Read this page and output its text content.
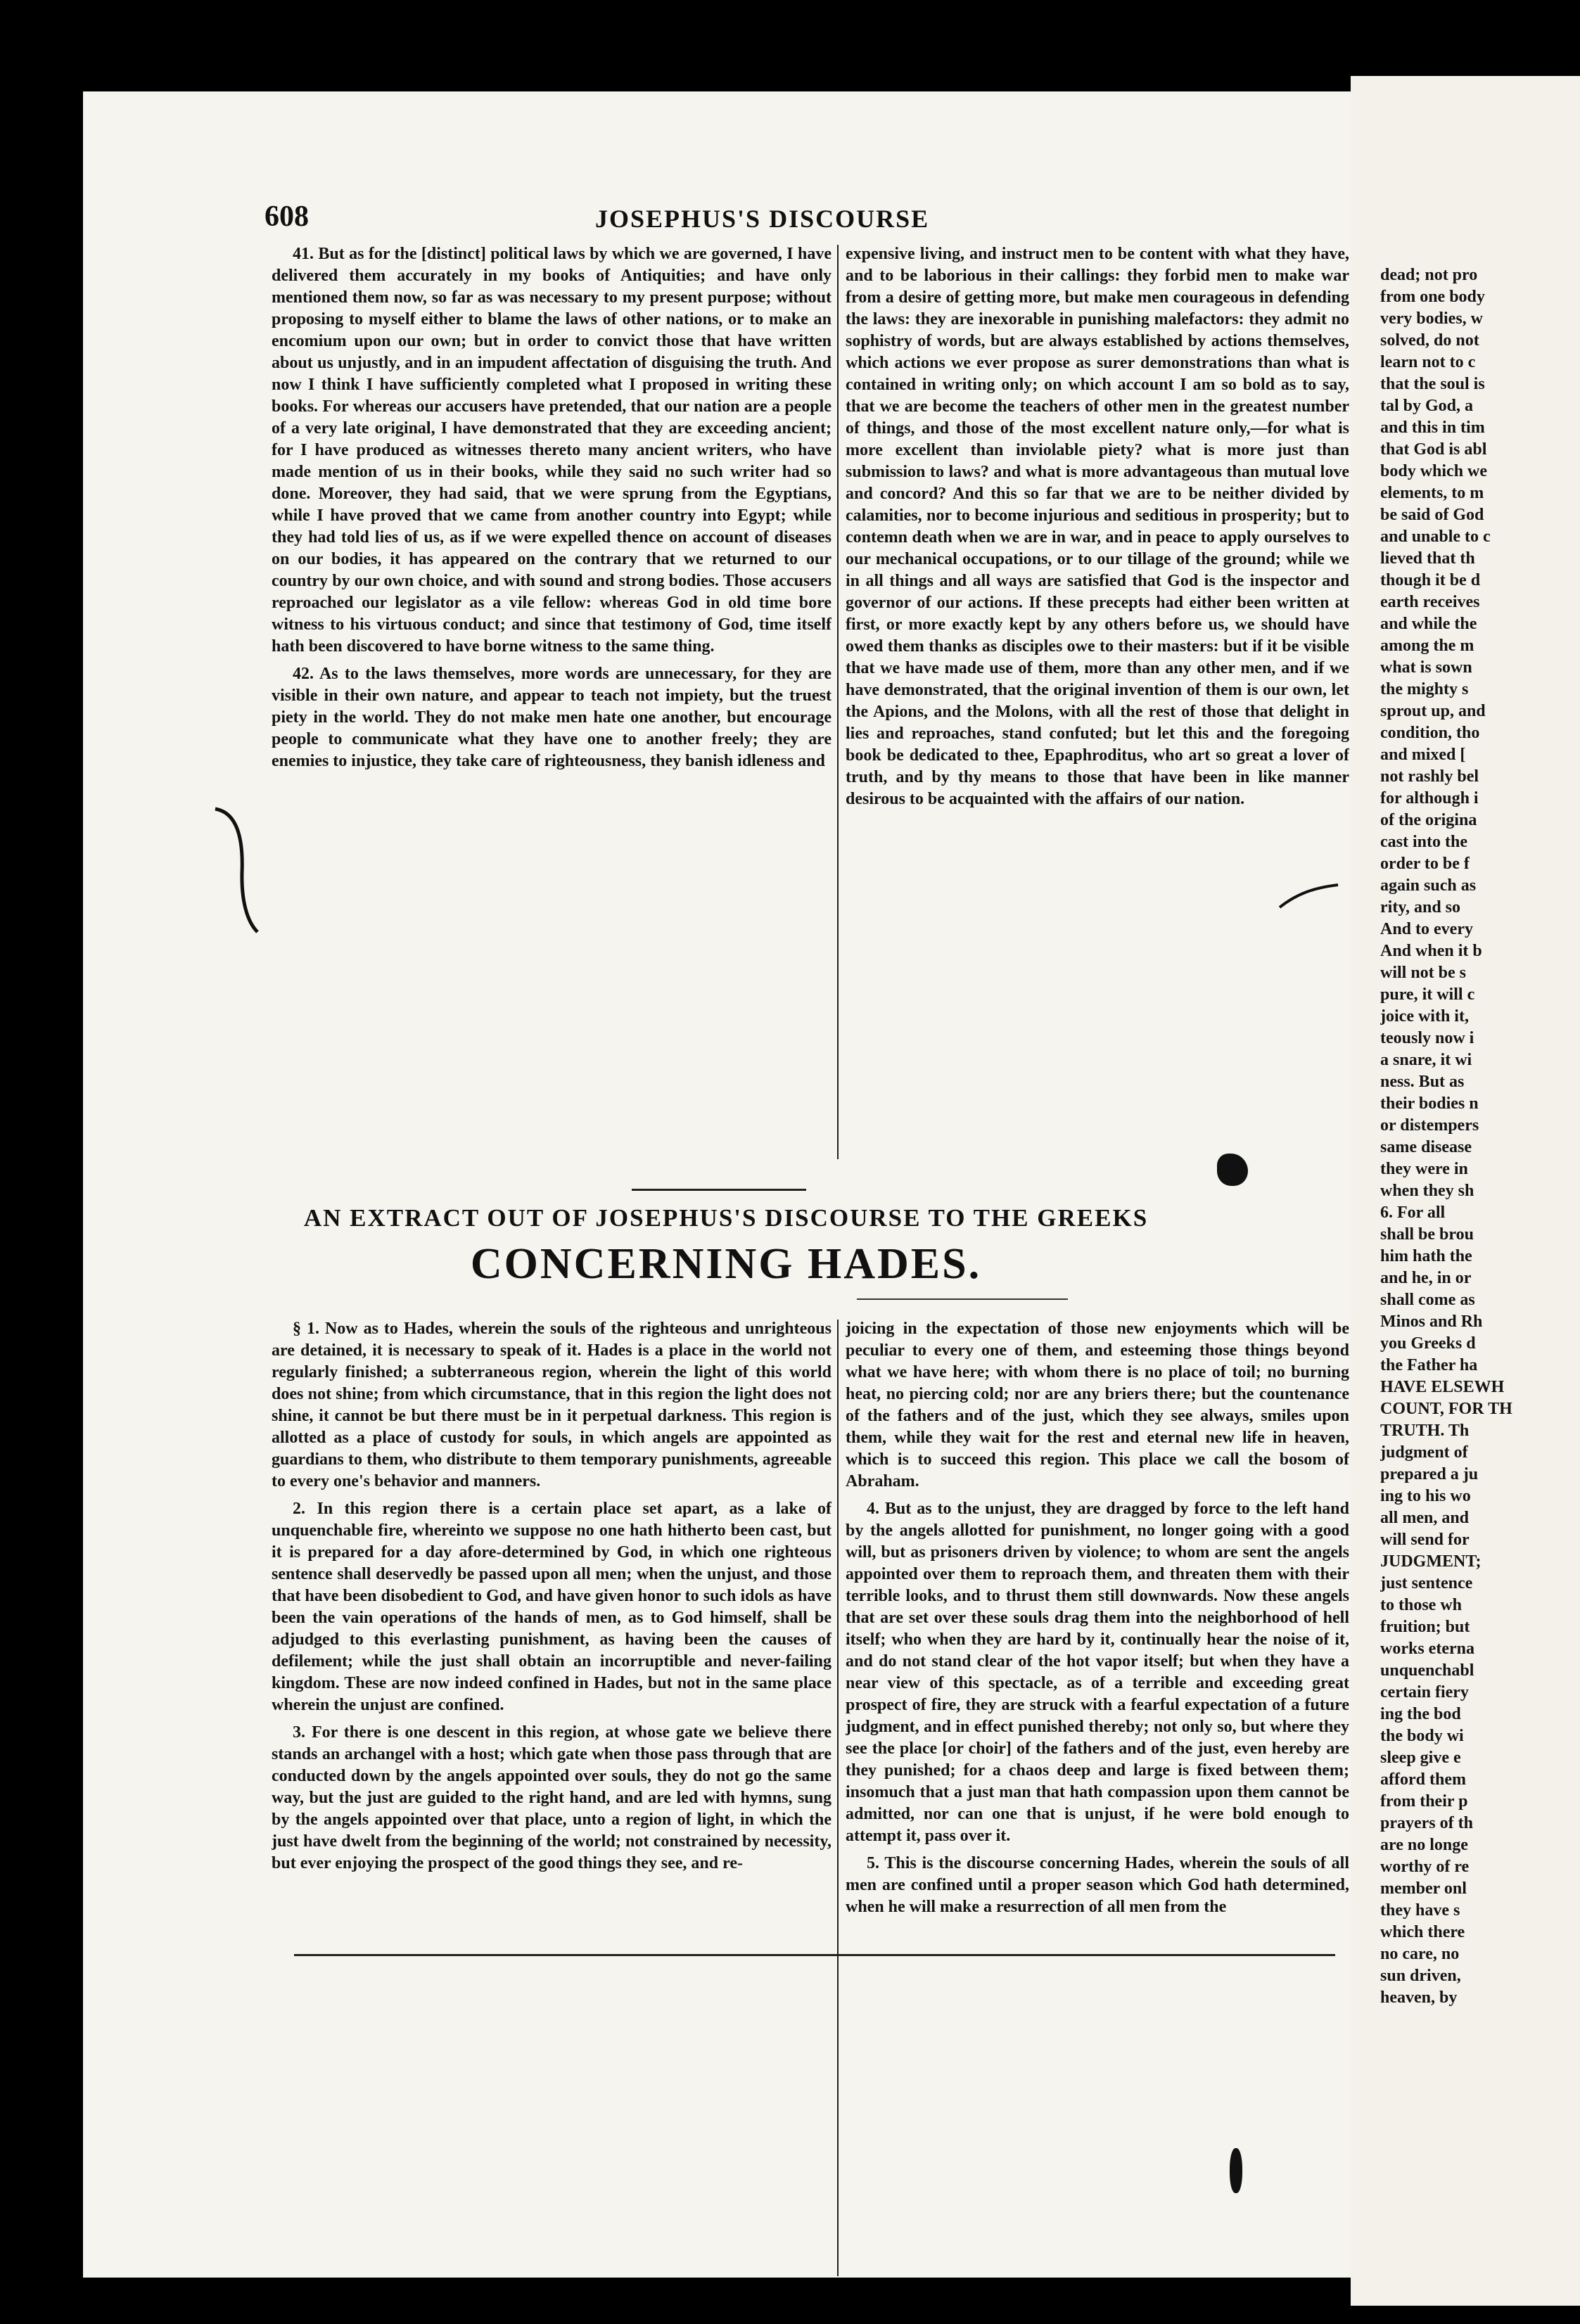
608	JOSEPHUS'S DISCOURSE

41. But as for the [distinct] political laws by which we are governed, I have delivered them accurately in my books of Antiquities; and have only mentioned them now, so far as was necessary to my present purpose; without proposing to myself either to blame the laws of other nations, or to make an encomium upon our own; but in order to convict those that have written about us unjustly, and in an impudent affectation of disguising the truth. And now I think I have sufficiently completed what I proposed in writing these books. For whereas our accusers have pretended, that our nation are a people of a very late original, I have demonstrated that they are exceeding ancient; for I have produced as witnesses thereto many ancient writers, who have made mention of us in their books, while they said no such writer had so done. Moreover, they had said, that we were sprung from the Egyptians, while I have proved that we came from another country into Egypt; while they had told lies of us, as if we were expelled thence on account of diseases on our bodies, it has appeared on the contrary that we returned to our country by our own choice, and with sound and strong bodies. Those accusers reproached our legislator as a vile fellow: whereas God in old time bore witness to his virtuous conduct; and since that testimony of God, time itself hath been discovered to have borne witness to the same thing.

42. As to the laws themselves, more words are unnecessary, for they are visible in their own nature, and appear to teach not impiety, but the truest piety in the world. They do not make men hate one another, but encourage people to communicate what they have one to another freely; they are enemies to injustice, they take care of righteousness, they banish idleness and

expensive living, and instruct men to be content with what they have, and to be laborious in their callings: they forbid men to make war from a desire of getting more, but make men courageous in defending the laws: they are inexorable in punishing malefactors: they admit no sophistry of words, but are always established by actions themselves, which actions we ever propose as surer demonstrations than what is contained in writing only; on which account I am so bold as to say, that we are become the teachers of other men in the greatest number of things, and those of the most excellent nature only,—for what is more excellent than inviolable piety? what is more just than submission to laws? and what is more advantageous than mutual love and concord? And this so far that we are to be neither divided by calamities, nor to become injurious and seditious in prosperity; but to contemn death when we are in war, and in peace to apply ourselves to our mechanical occupations, or to our tillage of the ground; while we in all things and all ways are satisfied that God is the inspector and governor of our actions. If these precepts had either been written at first, or more exactly kept by any others before us, we should have owed them thanks as disciples owe to their masters: but if it be visible that we have made use of them, more than any other men, and if we have demonstrated, that the original invention of them is our own, let the Apions, and the Molons, with all the rest of those that delight in lies and reproaches, stand confuted; but let this and the foregoing book be dedicated to thee, Epaphroditus, who art so great a lover of truth, and by thy means to those that have been in like manner desirous to be acquainted with the affairs of our nation.

AN EXTRACT OUT OF JOSEPHUS'S DISCOURSE TO THE GREEKS
CONCERNING HADES.

§ 1. Now as to Hades, wherein the souls of the righteous and unrighteous are detained, it is necessary to speak of it. Hades is a place in the world not regularly finished; a subterraneous region, wherein the light of this world does not shine; from which circumstance, that in this region the light does not shine, it cannot be but there must be in it perpetual darkness. This region is allotted as a place of custody for souls, in which angels are appointed as guardians to them, who distribute to them temporary punishments, agreeable to every one's behavior and manners.

2. In this region there is a certain place set apart, as a lake of unquenchable fire, whereinto we suppose no one hath hitherto been cast, but it is prepared for a day afore-determined by God, in which one righteous sentence shall deservedly be passed upon all men; when the unjust, and those that have been disobedient to God, and have given honor to such idols as have been the vain operations of the hands of men, as to God himself, shall be adjudged to this everlasting punishment, as having been the causes of defilement; while the just shall obtain an incorruptible and never-failing kingdom. These are now indeed confined in Hades, but not in the same place wherein the unjust are confined.

3. For there is one descent in this region, at whose gate we believe there stands an archangel with a host; which gate when those pass through that are conducted down by the angels appointed over souls, they do not go the same way, but the just are guided to the right hand, and are led with hymns, sung by the angels appointed over that place, unto a region of light, in which the just have dwelt from the beginning of the world; not constrained by necessity, but ever enjoying the prospect of the good things they see, and re-

joicing in the expectation of those new enjoyments which will be peculiar to every one of them, and esteeming those things beyond what we have here; with whom there is no place of toil; no burning heat, no piercing cold; nor are any briers there; but the countenance of the fathers and of the just, which they see always, smiles upon them, while they wait for the rest and eternal new life in heaven, which is to succeed this region. This place we call the bosom of Abraham.

4. But as to the unjust, they are dragged by force to the left hand by the angels allotted for punishment, no longer going with a good will, but as prisoners driven by violence; to whom are sent the angels appointed over them to reproach them, and threaten them with their terrible looks, and to thrust them still downwards. Now these angels that are set over these souls drag them into the neighborhood of hell itself; who when they are hard by it, continually hear the noise of it, and do not stand clear of the hot vapor itself; but when they have a near view of this spectacle, as of a terrible and exceeding great prospect of fire, they are struck with a fearful expectation of a future judgment, and in effect punished thereby; not only so, but where they see the place [or choir] of the fathers and of the just, even hereby are they punished; for a chaos deep and large is fixed between them; insomuch that a just man that hath compassion upon them cannot be admitted, nor can one that is unjust, if he were bold enough to attempt it, pass over it.

5. This is the discourse concerning Hades, wherein the souls of all men are confined until a proper season which God hath determined, when he will make a resurrection of all men from the

dead; not pro
from one body
very bodies, w
solved, do not
learn not to c
that the soul is
tal by God, a
and this in tim
that God is abl
body which we
elements, to m
be said of God
and unable to c
lieved that th
though it be d
earth receives
and while the
among the m
what is sown
the mighty s
sprout up, and
condition, tho
and mixed [
not rashly bel
for although i
of the origina
cast into the
order to be f
again such as
rity, and so
And to every
And when it b
will not be s
pure, it will c
joice with it,
teously now i
a snare, it wi
ness. But as
their bodies n
or distempers
same disease
they were in
when they sh
6. For all
shall be brou
him hath the
and he, in or
shall come as
Minos and Rh
you Greeks d
the Father ha
HAVE ELSEWH
COUNT, FOR TH
TRUTH. Th
judgment of
prepared a ju
ing to his wo
all men, and
will send for
JUDGMENT;
just sentence
to those wh
fruition; but
works eterna
unquenchabl
certain fiery
ing the bod
the body wi
sleep give e
afford them
from their p
prayers of th
are no longe
worthy of re
member onl
they have s
which there
no care, no
sun driven,
heaven, by
